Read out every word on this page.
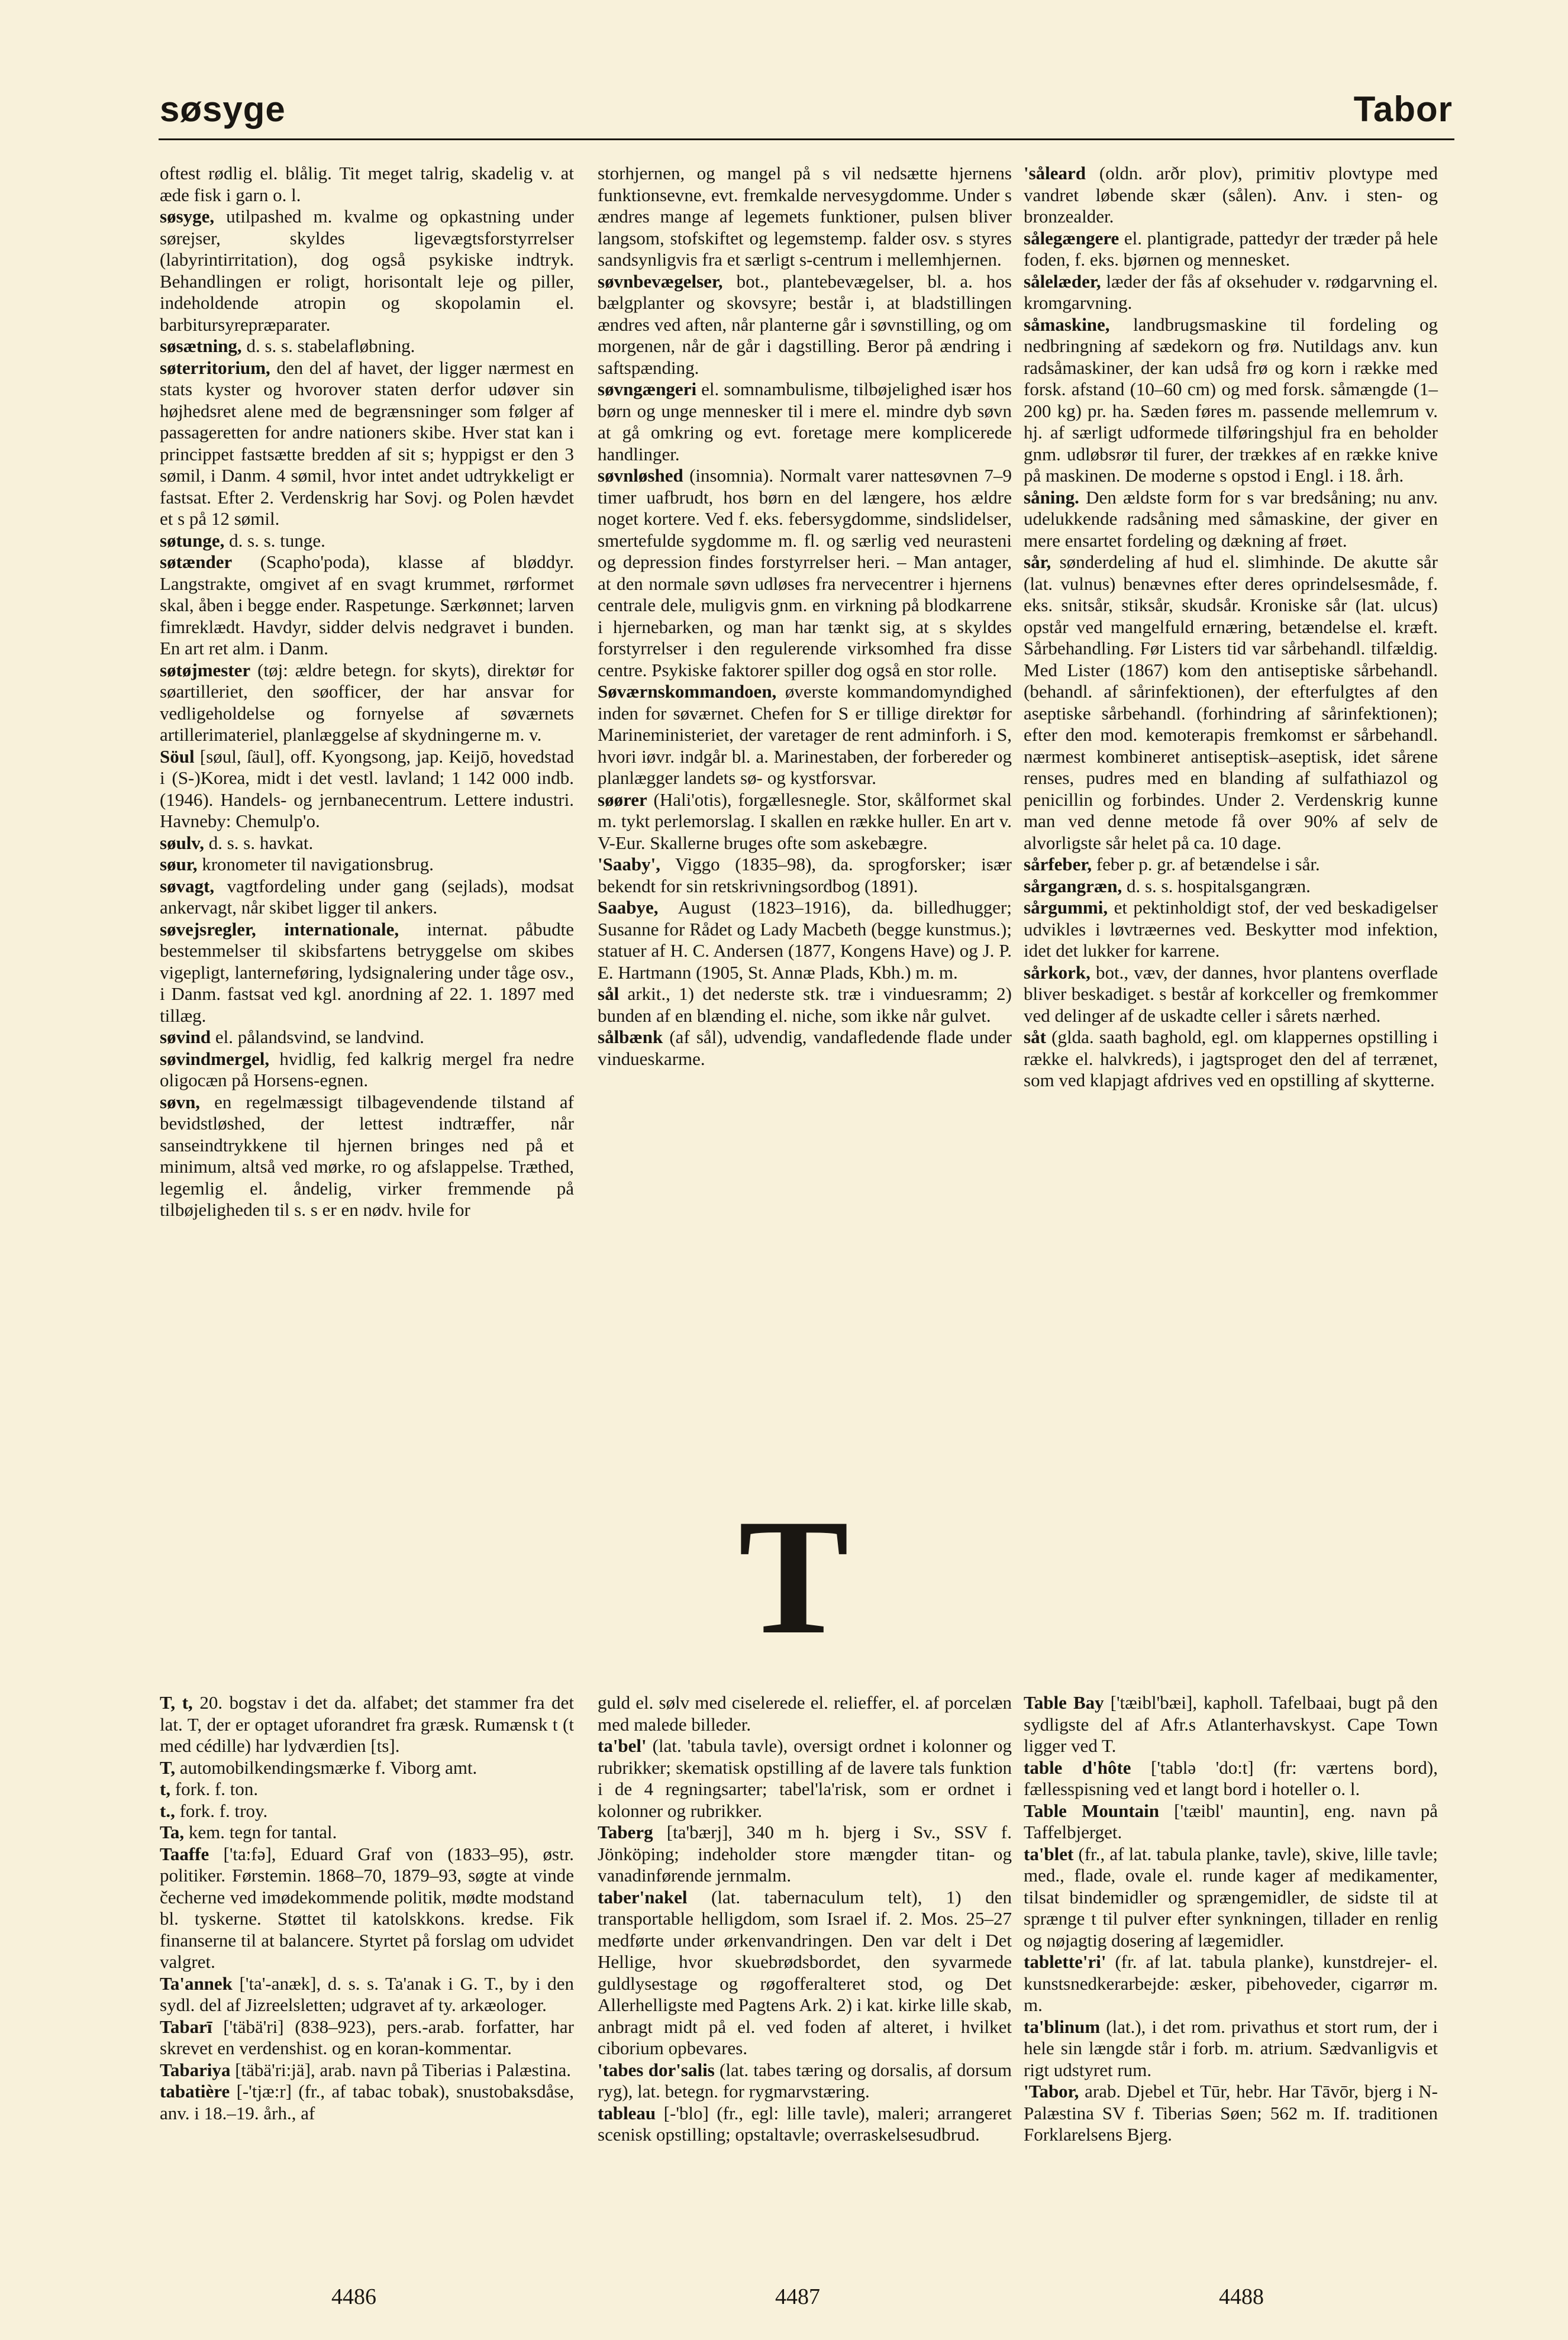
søsyge	Tabor

oftest rødlig el. blålig. Tit meget talrig, skadelig v. at æde fisk i garn o. l.

søsyge, utilpashed m. kvalme og opkastning under sørejser, skyldes ligevægtsforstyrrelser (labyrintirritation), dog også psykiske indtryk. Behandlingen er roligt, horisontalt leje og piller, indeholdende atropin og skopolamin el. barbitursyrepræparater.

søsætning, d. s. s. stabelafløbning.

søterritorium, den del af havet, der ligger nærmest en stats kyster og hvorover staten derfor udøver sin højhedsret alene med de begrænsninger som følger af passageretten for andre nationers skibe. Hver stat kan i princippet fastsætte bredden af sit s; hyppigst er den 3 sømil, i Danm. 4 sømil, hvor intet andet udtrykkeligt er fastsat. Efter 2. Verdenskrig har Sovj. og Polen hævdet et s på 12 sømil.

søtunge, d. s. s. tunge.

søtænder (Scapho'poda), klasse af bløddyr. Langstrakte, omgivet af en svagt krummet, rørformet skal, åben i begge ender. Raspetunge. Særkønnet; larven fimreklædt. Havdyr, sidder delvis nedgravet i bunden. En art ret alm. i Danm.

søtøjmester (tøj: ældre betegn. for skyts), direktør for søartilleriet, den søofficer, der har ansvar for vedligeholdelse og fornyelse af søværnets artillerimateriel, planlæggelse af skydningerne m. v.

Söul [søul, ſäul], off. Kyongsong, jap. Keijō, hovedstad i (S-)Korea, midt i det vestl. lavland; 1 142 000 indb. (1946). Handels- og jernbanecentrum. Lettere industri. Havneby: Chemulp'o.

søulv, d. s. s. havkat.

søur, kronometer til navigationsbrug.

søvagt, vagtfordeling under gang (sejlads), modsat ankervagt, når skibet ligger til ankers.

søvejsregler, internationale, internat. påbudte bestemmelser til skibsfartens betryggelse om skibes vigepligt, lanterneføring, lydsignalering under tåge osv., i Danm. fastsat ved kgl. anordning af 22. 1. 1897 med tillæg.

søvind el. pålandsvind, se landvind.

søvindmergel, hvidlig, fed kalkrig mergel fra nedre oligocæn på Horsens-egnen.

søvn, en regelmæssigt tilbagevendende tilstand af bevidstløshed, der lettest indtræffer, når sanseindtrykkene til hjernen bringes ned på et minimum, altså ved mørke, ro og afslappelse. Træthed, legemlig el. åndelig, virker fremmende på tilbøjeligheden til s. s er en nødv. hvile for

storhjernen, og mangel på s vil nedsætte hjernens funktionsevne, evt. fremkalde nervesygdomme. Under s ændres mange af legemets funktioner, pulsen bliver langsom, stofskiftet og legemstemp. falder osv. s styres sandsynligvis fra et særligt s-centrum i mellemhjernen.

søvnbevægelser, bot., plantebevægelser, bl. a. hos bælgplanter og skovsyre; består i, at bladstillingen ændres ved aften, når planterne går i søvnstilling, og om morgenen, når de går i dagstilling. Beror på ændring i saftspænding.

søvngængeri el. somnambulisme, tilbøjelighed især hos børn og unge mennesker til i mere el. mindre dyb søvn at gå omkring og evt. foretage mere komplicerede handlinger.

søvnløshed (insomnia). Normalt varer nattesøvnen 7–9 timer uafbrudt, hos børn en del længere, hos ældre noget kortere. Ved f. eks. febersygdomme, sindslidelser, smertefulde sygdomme m. fl. og særlig ved neurasteni og depression findes forstyrrelser heri. – Man antager, at den normale søvn udløses fra nervecentrer i hjernens centrale dele, muligvis gnm. en virkning på blodkarrene i hjernebarken, og man har tænkt sig, at s skyldes forstyrrelser i den regulerende virksomhed fra disse centre. Psykiske faktorer spiller dog også en stor rolle.

Søværnskommandoen, øverste kommandomyndighed inden for søværnet. Chefen for S er tillige direktør for Marineministeriet, der varetager de rent adminforh. i S, hvori iøvr. indgår bl. a. Marinestaben, der forbereder og planlægger landets sø- og kystforsvar.

søører (Hali'otis), forgællesnegle. Stor, skålformet skal m. tykt perlemorslag. I skallen en række huller. En art v. V-Eur. Skallerne bruges ofte som askebægre.

'Saaby', Viggo (1835–98), da. sprogforsker; især bekendt for sin retskrivningsordbog (1891).

Saabye, August (1823–1916), da. billedhugger; Susanne for Rådet og Lady Macbeth (begge kunstmus.); statuer af H. C. Andersen (1877, Kongens Have) og J. P. E. Hartmann (1905, St. Annæ Plads, Kbh.) m. m.

sål arkit., 1) det nederste stk. træ i vinduesramm; 2) bunden af en blænding el. niche, som ikke når gulvet.

sålbænk (af sål), udvendig, vandafledende flade under vindueskarme.

'såleard (oldn. arðr plov), primitiv plovtype med vandret løbende skær (sålen). Anv. i sten- og bronzealder.

sålegængere el. plantigrade, pattedyr der træder på hele foden, f. eks. bjørnen og mennesket.

sålelæder, læder der fås af oksehuder v. rødgarvning el. kromgarvning.

såmaskine, landbrugsmaskine til fordeling og nedbringning af sædekorn og frø. Nutildags anv. kun radsåmaskiner, der kan udså frø og korn i række med forsk. afstand (10–60 cm) og med forsk. såmængde (1–200 kg) pr. ha. Sæden føres m. passende mellemrum v. hj. af særligt udformede tilføringshjul fra en beholder gnm. udløbsrør til furer, der trækkes af en række knive på maskinen. De moderne s opstod i Engl. i 18. årh.

såning. Den ældste form for s var bredsåning; nu anv. udelukkende radsåning med såmaskine, der giver en mere ensartet fordeling og dækning af frøet.

sår, sønderdeling af hud el. slimhinde. De akutte sår (lat. vulnus) benævnes efter deres oprindelsesmåde, f. eks. snitsår, stiksår, skudsår. Kroniske sår (lat. ulcus) opstår ved mangelfuld ernæring, betændelse el. kræft. Sårbehandling. Før Listers tid var sårbehandl. tilfældig. Med Lister (1867) kom den antiseptiske sårbehandl. (behandl. af sårinfektionen), der efterfulgtes af den aseptiske sårbehandl. (forhindring af sårinfektionen); efter den mod. kemoterapis fremkomst er sårbehandl. nærmest kombineret antiseptisk–aseptisk, idet sårene renses, pudres med en blanding af sulfathiazol og penicillin og forbindes. Under 2. Verdenskrig kunne man ved denne metode få over 90% af selv de alvorligste sår helet på ca. 10 dage.

sårfeber, feber p. gr. af betændelse i sår.

sårgangræn, d. s. s. hospitalsgangræn.

sårgummi, et pektinholdigt stof, der ved beskadigelser udvikles i løvtræernes ved. Beskytter mod infektion, idet det lukker for karrene.

sårkork, bot., væv, der dannes, hvor plantens overflade bliver beskadiget. s består af korkceller og fremkommer ved delinger af de uskadte celler i sårets nærhed.

såt (glda. saath baghold, egl. om klappernes opstilling i række el. halvkreds), i jagtsproget den del af terrænet, som ved klapjagt afdrives ved en opstilling af skytterne.

T

T, t, 20. bogstav i det da. alfabet; det stammer fra det lat. T, der er optaget uforandret fra græsk. Rumænsk t (t med cédille) har lydværdien [ts].

T, automobilkendingsmærke f. Viborg amt.

t, fork. f. ton.

t., fork. f. troy.

Ta, kem. tegn for tantal.

Taaffe ['ta:fə], Eduard Graf von (1833–95), østr. politiker. Førstemin. 1868–70, 1879–93, søgte at vinde čecherne ved imødekommende politik, mødte modstand bl. tyskerne. Støttet til katolskkons. kredse. Fik finanserne til at balancere. Styrtet på forslag om udvidet valgret.

Ta'annek ['ta'-anæk], d. s. s. Ta'anak i G. T., by i den sydl. del af Jizreelsletten; udgravet af ty. arkæologer.

Tabarī ['täbä'ri] (838–923), pers.-arab. forfatter, har skrevet en verdenshist. og en koran-kommentar.

Tabariya [täbä'ri:jä], arab. navn på Tiberias i Palæstina.

tabatière [-'tjæ:r] (fr., af tabac tobak), snustobaksdåse, anv. i 18.–19. årh., af

guld el. sølv med ciselerede el. relieffer, el. af porcelæn med malede billeder.

ta'bel' (lat. 'tabula tavle), oversigt ordnet i kolonner og rubrikker; skematisk opstilling af de lavere tals funktion i de 4 regningsarter; tabel'la'risk, som er ordnet i kolonner og rubrikker.

Taberg [ta'bærj], 340 m h. bjerg i Sv., SSV f. Jönköping; indeholder store mængder titan- og vanadinførende jernmalm.

taber'nakel (lat. tabernaculum telt), 1) den transportable helligdom, som Israel if. 2. Mos. 25–27 medførte under ørkenvandringen. Den var delt i Det Hellige, hvor skuebrødsbordet, den syvarmede guldlysestage og røgofferalteret stod, og Det Allerhelligste med Pagtens Ark. 2) i kat. kirke lille skab, anbragt midt på el. ved foden af alteret, i hvilket ciborium opbevares.

'tabes dor'salis (lat. tabes tæring og dorsalis, af dorsum ryg), lat. betegn. for rygmarvstæring.

tableau [-'blo] (fr., egl: lille tavle), maleri; arrangeret scenisk opstilling; opstaltavle; overraskelsesudbrud.

Table Bay ['tæibl'bæi], kapholl. Tafelbaai, bugt på den sydligste del af Afr.s Atlanterhavskyst. Cape Town ligger ved T.

table d'hôte ['tablə 'do:t] (fr: værtens bord), fællesspisning ved et langt bord i hoteller o. l.

Table Mountain ['tæibl' mauntin], eng. navn på Taffelbjerget.

ta'blet (fr., af lat. tabula planke, tavle), skive, lille tavle; med., flade, ovale el. runde kager af medikamenter, tilsat bindemidler og sprængemidler, de sidste til at sprænge t til pulver efter synkningen, tillader en renlig og nøjagtig dosering af lægemidler.

tablette'ri' (fr. af lat. tabula planke), kunstdrejer- el. kunstsnedkerarbejde: æsker, pibehoveder, cigarrør m. m.

ta'blinum (lat.), i det rom. privathus et stort rum, der i hele sin længde står i forb. m. atrium. Sædvanligvis et rigt udstyret rum.

'Tabor, arab. Djebel et Tūr, hebr. Har Tāvōr, bjerg i N-Palæstina SV f. Tiberias Søen; 562 m. If. traditionen Forklarelsens Bjerg.

4486	4487	4488
